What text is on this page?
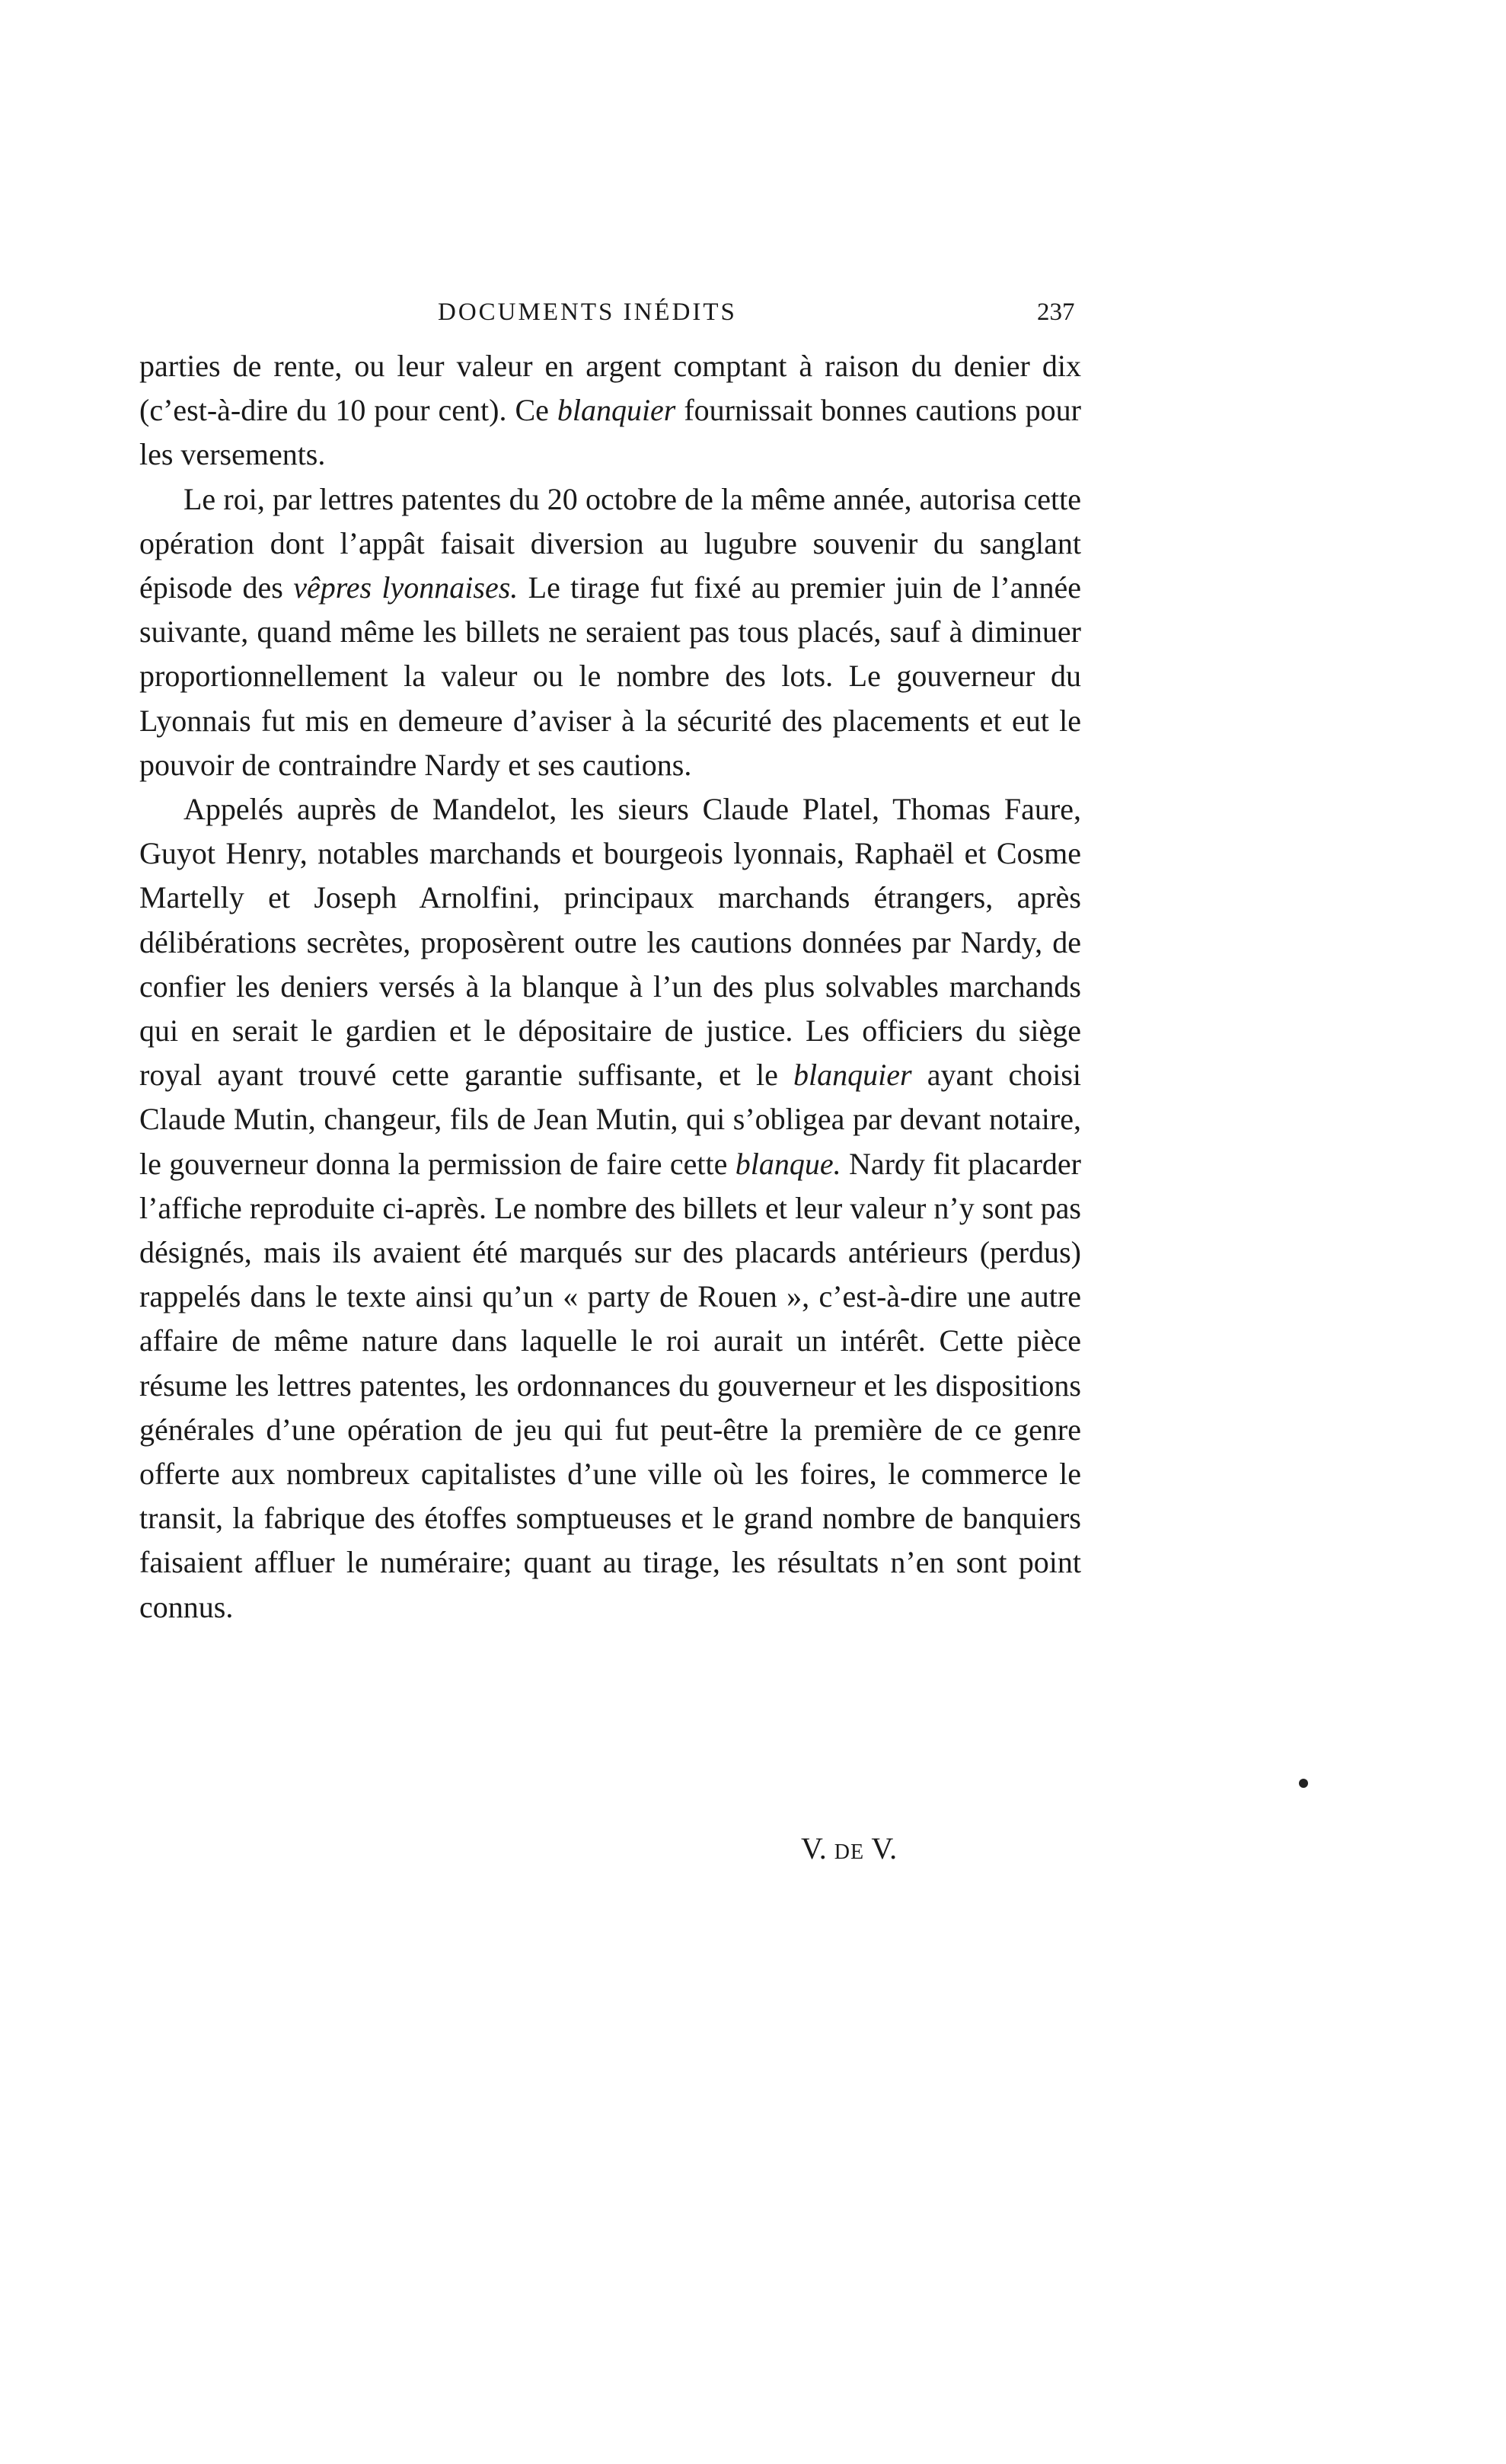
DOCUMENTS INÉDITS	237

parties de rente, ou leur valeur en argent comptant à raison du denier dix (c’est-à-dire du 10 pour cent). Ce blanquier fournissait bonnes cautions pour les versements.

Le roi, par lettres patentes du 20 octobre de la même année, autorisa cette opération dont l’appât faisait diversion au lugubre souvenir du sanglant épisode des vêpres lyonnaises. Le tirage fut fixé au premier juin de l’année suivante, quand même les billets ne seraient pas tous placés, sauf à diminuer proportionnellement la valeur ou le nombre des lots. Le gouverneur du Lyonnais fut mis en demeure d’aviser à la sécurité des placements et eut le pouvoir de contraindre Nardy et ses cautions.

Appelés auprès de Mandelot, les sieurs Claude Platel, Thomas Faure, Guyot Henry, notables marchands et bourgeois lyonnais, Raphaël et Cosme Martelly et Joseph Arnolfini, principaux marchands étrangers, après délibérations secrètes, proposèrent outre les cautions données par Nardy, de confier les deniers versés à la blanque à l’un des plus solvables marchands qui en serait le gardien et le dépositaire de justice. Les officiers du siège royal ayant trouvé cette garantie suffisante, et le blanquier ayant choisi Claude Mutin, changeur, fils de Jean Mutin, qui s’obligea par devant notaire, le gouverneur donna la permission de faire cette blanque. Nardy fit placarder l’affiche reproduite ci-après. Le nombre des billets et leur valeur n’y sont pas désignés, mais ils avaient été marqués sur des placards antérieurs (perdus) rappelés dans le texte ainsi qu’un « party de Rouen », c’est-à-dire une autre affaire de même nature dans laquelle le roi aurait un intérêt. Cette pièce résume les lettres patentes, les ordonnances du gouverneur et les dispositions générales d’une opération de jeu qui fut peut-être la première de ce genre offerte aux nombreux capitalistes d’une ville où les foires, le commerce le transit, la fabrique des étoffes somptueuses et le grand nombre de banquiers faisaient affluer le numéraire; quant au tirage, les résultats n’en sont point connus.

V. DE V.
